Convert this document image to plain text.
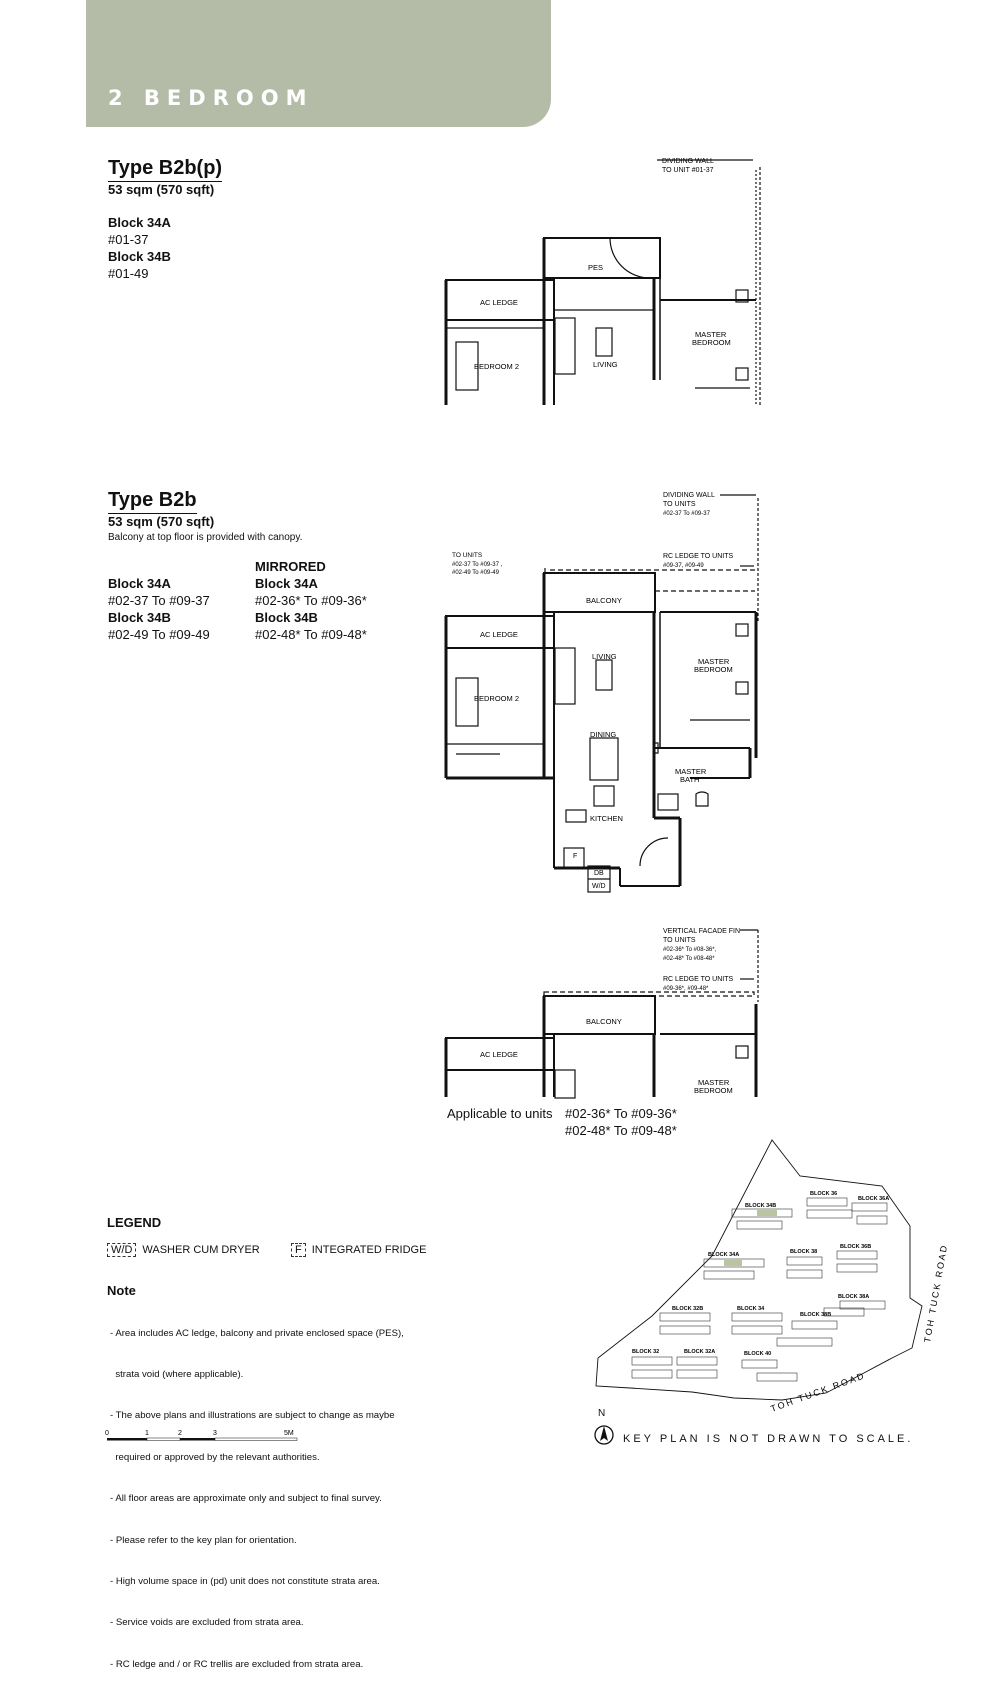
2 BEDROOM
Type B2b(p)
53 sqm (570 sqft)
Block 34A
#01-37
Block 34B
#01-49
Type B2b
53 sqm (570 sqft)
Balcony at top floor is provided with canopy.
Block 34A
#02-37 To #09-37
Block 34B
#02-49 To #09-49
MIRRORED
Block 34A
#02-36* To #09-36*
Block 34B
#02-48* To #09-48*
DIVIDING WALL
TO UNIT #01-37
PES
AC LEDGE
MASTER
BEDROOM
BEDROOM 2	LIVING
DIVIDING WALL
TO UNITS
#02-37 To #09-37
TO UNITS
#02-37 To #09-37 ,
#02-49 To #09-49
RC LEDGE TO UNITS
#09-37, #09-49
BALCONY
AC LEDGE
LIVING
MASTER
BEDROOM
BEDROOM 2
DINING
MASTER
BATH
KITCHEN
F
DB
W/D
VERTICAL FACADE FIN
TO UNITS
#02-36* To #08-36*,
#02-48* To #08-48*
RC LEDGE TO UNITS
#09-36*, #09-48*
BALCONY
AC LEDGE
MASTER
BEDROOM
Applicable to units #02-36* To #09-36*
#02-48* To #09-48*
LEGEND
W/D WASHER CUM DRYER	F INTEGRATED FRIDGE
Note

- Area includes AC ledge, balcony and private enclosed space (PES),

strata void (where applicable).

- The above plans and illustrations are subject to change as maybe

required or approved by the relevant authorities.

- All floor areas are approximate only and subject to final survey.

- Please refer to the key plan for orientation.

- High volume space in (pd) unit does not constitute strata area.

- Service voids are excluded from strata area.

- RC ledge and / or RC trellis are excluded from strata area.

0	1	2	3	5M
BLOCK 34B
BLOCK 36
BLOCK 36A
BLOCK 34A	BLOCK 38
BLOCK 36B
BLOCK 38A
BLOCK 32B	BLOCK 34
BLOCK 38B
BLOCK 32	BLOCK 32A	BLOCK 40
TOH TUCK ROAD
TOH TUCK ROAD
N
KEY PLAN IS NOT DRAWN TO SCALE.
